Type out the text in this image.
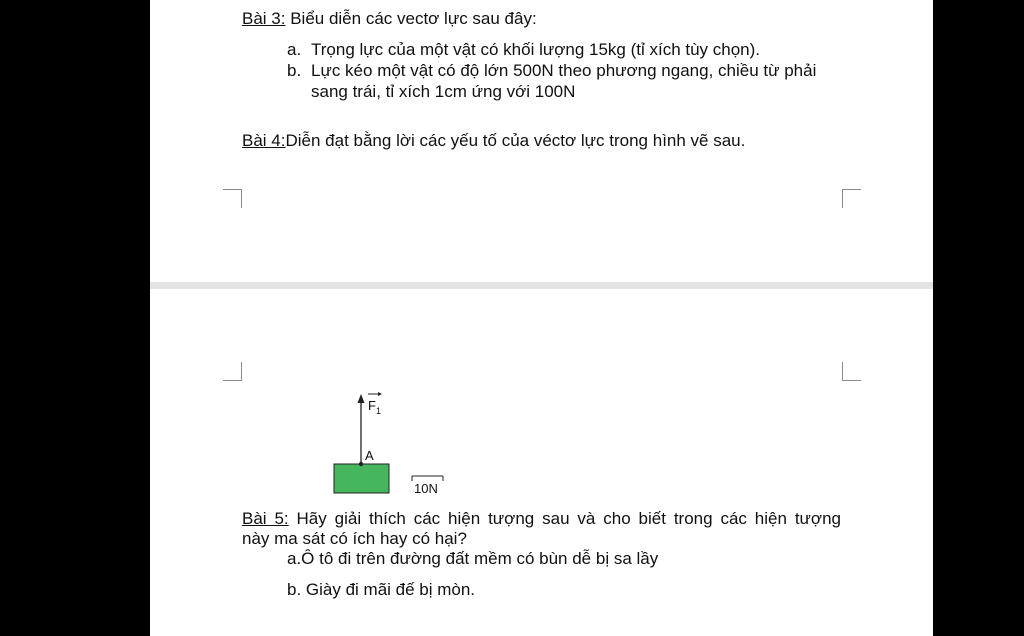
Bài 3: Biểu diễn các vectơ lực sau đây:
a. Trọng lực của một vật có khối lượng 15kg (tỉ xích tùy chọn).
b. Lực kéo một vật có độ lớn 500N theo phương ngang, chiều từ phải
sang trái, tỉ xích 1cm ứng với 100N
Bài 4:Diễn đạt bằng lời các yếu tố của véctơ lực trong hình vẽ sau.
$F_1$
A
10N
Bài 5: Hãy giải thích các hiện tượng sau và cho biết trong các hiện tượng
này ma sát có ích hay có hại?
a.Ô tô đi trên đường đất mềm có bùn dễ bị sa lầy
b. Giày đi mãi đế bị mòn.
